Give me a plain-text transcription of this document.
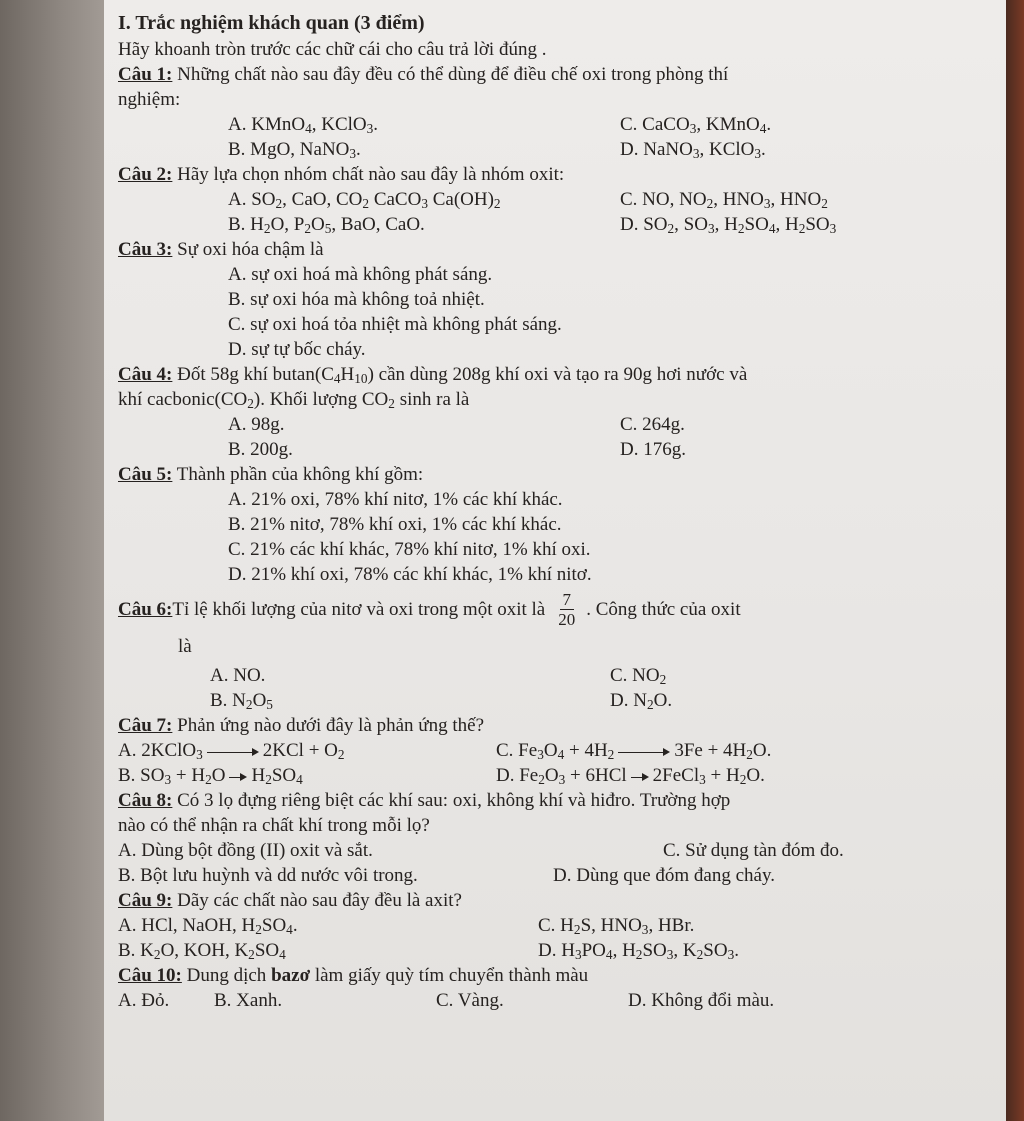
I. Trắc nghiệm khách quan (3 điểm)
Hãy khoanh tròn trước các chữ cái cho câu trả lời đúng .
Câu 1: Những chất nào sau đây đều có thể dùng để điều chế oxi trong phòng thí
nghiệm:
A. KMnO$_4$, KClO$_3$.	C. CaCO$_3$, KMnO$_4$.
B. MgO, NaNO$_3$.	D. NaNO$_3$, KClO$_3$.
Câu 2: Hãy lựa chọn nhóm chất nào sau đây là nhóm oxit:
A. $SO_2$, CaO, $CO_2$ CaCO$_3$ $Ca(OH)_2$	C. NO, $NO_2$, $HNO_3$, $HNO_2$
B. $H_2O$, $P_2O_5$, BaO, CaO.	D. $SO_2$, $SO_3$, $H_2SO_4$, $H_2SO_3$
Câu 3: Sự oxi hóa chậm là
A. sự oxi hoá mà không phát sáng.
B. sự oxi hóa mà không toả nhiệt.
C. sự oxi hoá tỏa nhiệt mà không phát sáng.
D. sự tự bốc cháy.
Câu 4: Đốt 58g khí $butan(C_4H_{10})$ cần dùng 208g khí oxi và tạo ra 90g hơi nước và
khí $cacbonic(CO_2)$. Khối lượng $CO_2$ sinh ra là
A. 98g.	C. 264g.
B. 200g.	D. 176g.
Câu 5: Thành phần của không khí gồm:
A. 21% oxi, 78% khí nitơ, 1% các khí khác.
B. 21% nitơ, 78% khí oxi, 1% các khí khác.
C. 21% các khí khác, 78% khí nitơ, 1% khí oxi.
D. 21% khí oxi, 78% các khí khác, 1% khí nitơ.
Câu 6: Tỉ lệ khối lượng của nitơ và oxi trong một oxit là $\frac{7}{20}$ . Công thức của oxit
là
A. NO.	C. $NO_2$
B. $N_2O_5$	D. $N_2O$.
Câu 7: Phản ứng nào dưới đây là phản ứng thế?
A. 2KClO$_3$	$2KCl + O_2$	C. $Fe_3O_4 + 4H_2$	$3Fe + 4H_2O$.
B. $SO_3 + H_2O$ $H_2SO_4$	D. $Fe_2O_3 + 6HCl$ 2FeCl$_3$ + $H_2O$.
Câu 8: Có 3 lọ đựng riêng biệt các khí sau: oxi, không khí và hiđro. Trường hợp
nào có thể nhận ra chất khí trong mỗi lọ?
A. Dùng bột đồng (II) oxit và sắt.	C. Sử dụng tàn đóm đo.
B. Bột lưu huỳnh và dd nước vôi trong.	D. Dùng que đóm đang cháy.
Câu 9: Dãy các chất nào sau đây đều là axit?
A. HCl, NaOH, $H_2SO_4$.	C. $H_2S$, $HNO_3$, HBr.
B. $K_2O$, KOH, $K_2SO_4$	D. $H_3PO_4$, $H_2SO_3$, $K_2SO_3$.
Câu 10: Dung dịch bazơ làm giấy quỳ tím chuyển thành màu
A. Đỏ.	B. Xanh.	C. Vàng.	D. Không đổi màu.
